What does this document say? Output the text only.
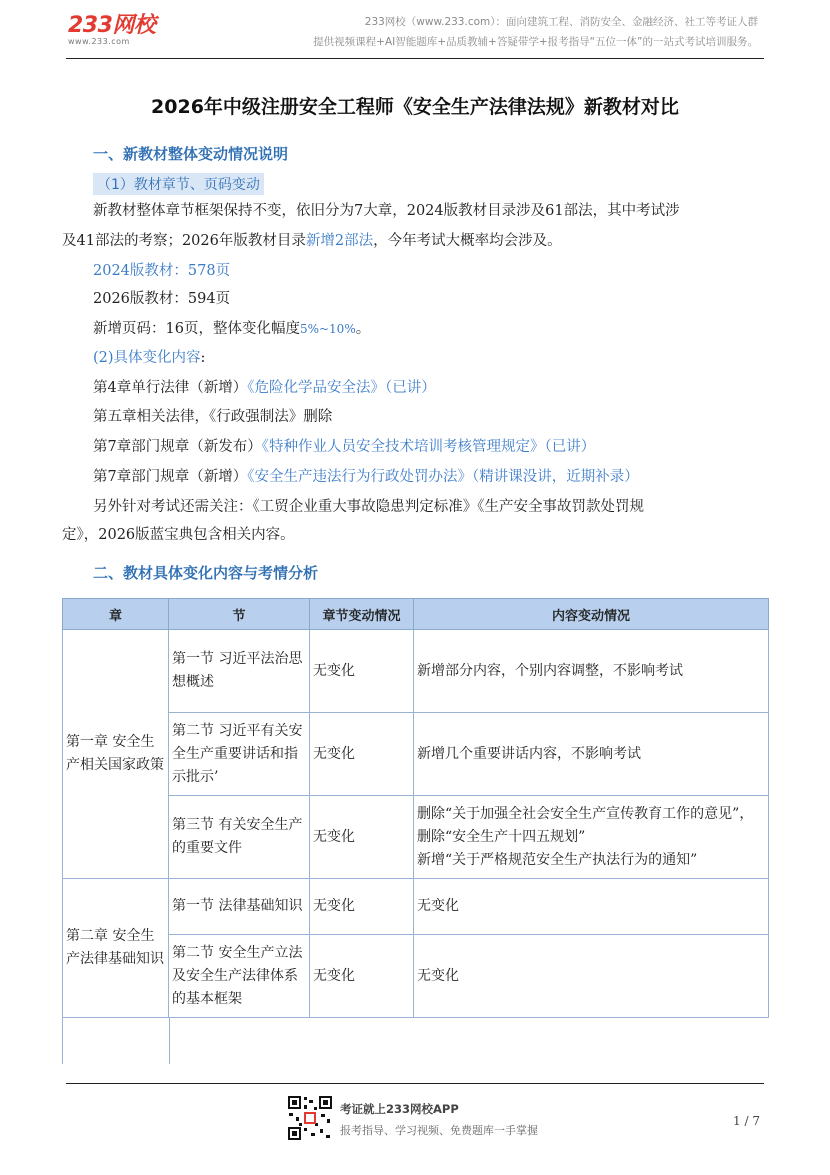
233网校
www.233.com
233网校（www.233.com）：面向建筑工程、消防安全、金融经济、社工等考证人群
提供视频课程+AI智能题库+品质教辅+答疑带学+报考指导“五位一体”的一站式考试培训服务。
2026年中级注册安全工程师《安全生产法律法规》新教材对比
一、新教材整体变动情况说明
（1）教材章节、页码变动
新教材整体章节框架保持不变，依旧分为7大章，2024版教材目录涉及61部法，其中考试涉
及41部法的考察；2026年版教材目录新增2部法，今年考试大概率均会涉及。
2024版教材：578页
2026版教材：594页
新增页码：16页，整体变化幅度5%~10%。
(2)具体变化内容:
第4章单行法律（新增）《危险化学品安全法》（已讲）
第五章相关法律，《行政强制法》删除
第7章部门规章（新发布）《特种作业人员安全技术培训考核管理规定》（已讲）
第7章部门规章（新增）《安全生产违法行为行政处罚办法》（精讲课没讲，近期补录）
另外针对考试还需关注：《工贸企业重大事故隐患判定标准》《生产安全事故罚款处罚规
定》，2026版蓝宝典包含相关内容。
二、教材具体变化内容与考情分析
章	节	章节变动情况	内容变动情况
第一章 安全生产相关国家政策	第一节 习近平法治思想概述	无变化	新增部分内容，个别内容调整，不影响考试
	第二节 习近平有关安全生产重要讲话和指示批示’	无变化	新增几个重要讲话内容，不影响考试
	第三节 有关安全生产的重要文件	无变化	删除“关于加强全社会安全生产宣传教育工作的意见”，删除“安全生产十四五规划”
新增“关于严格规范安全生产执法行为的通知”

第二章 安全生产法律基础知识	第一节 法律基础知识	无变化	无变化
	第二节 安全生产立法及安全生产法律体系的基本框架	无变化	无变化
考证就上233网校APP
报考指导、学习视频、免费题库一手掌握
1 / 7
